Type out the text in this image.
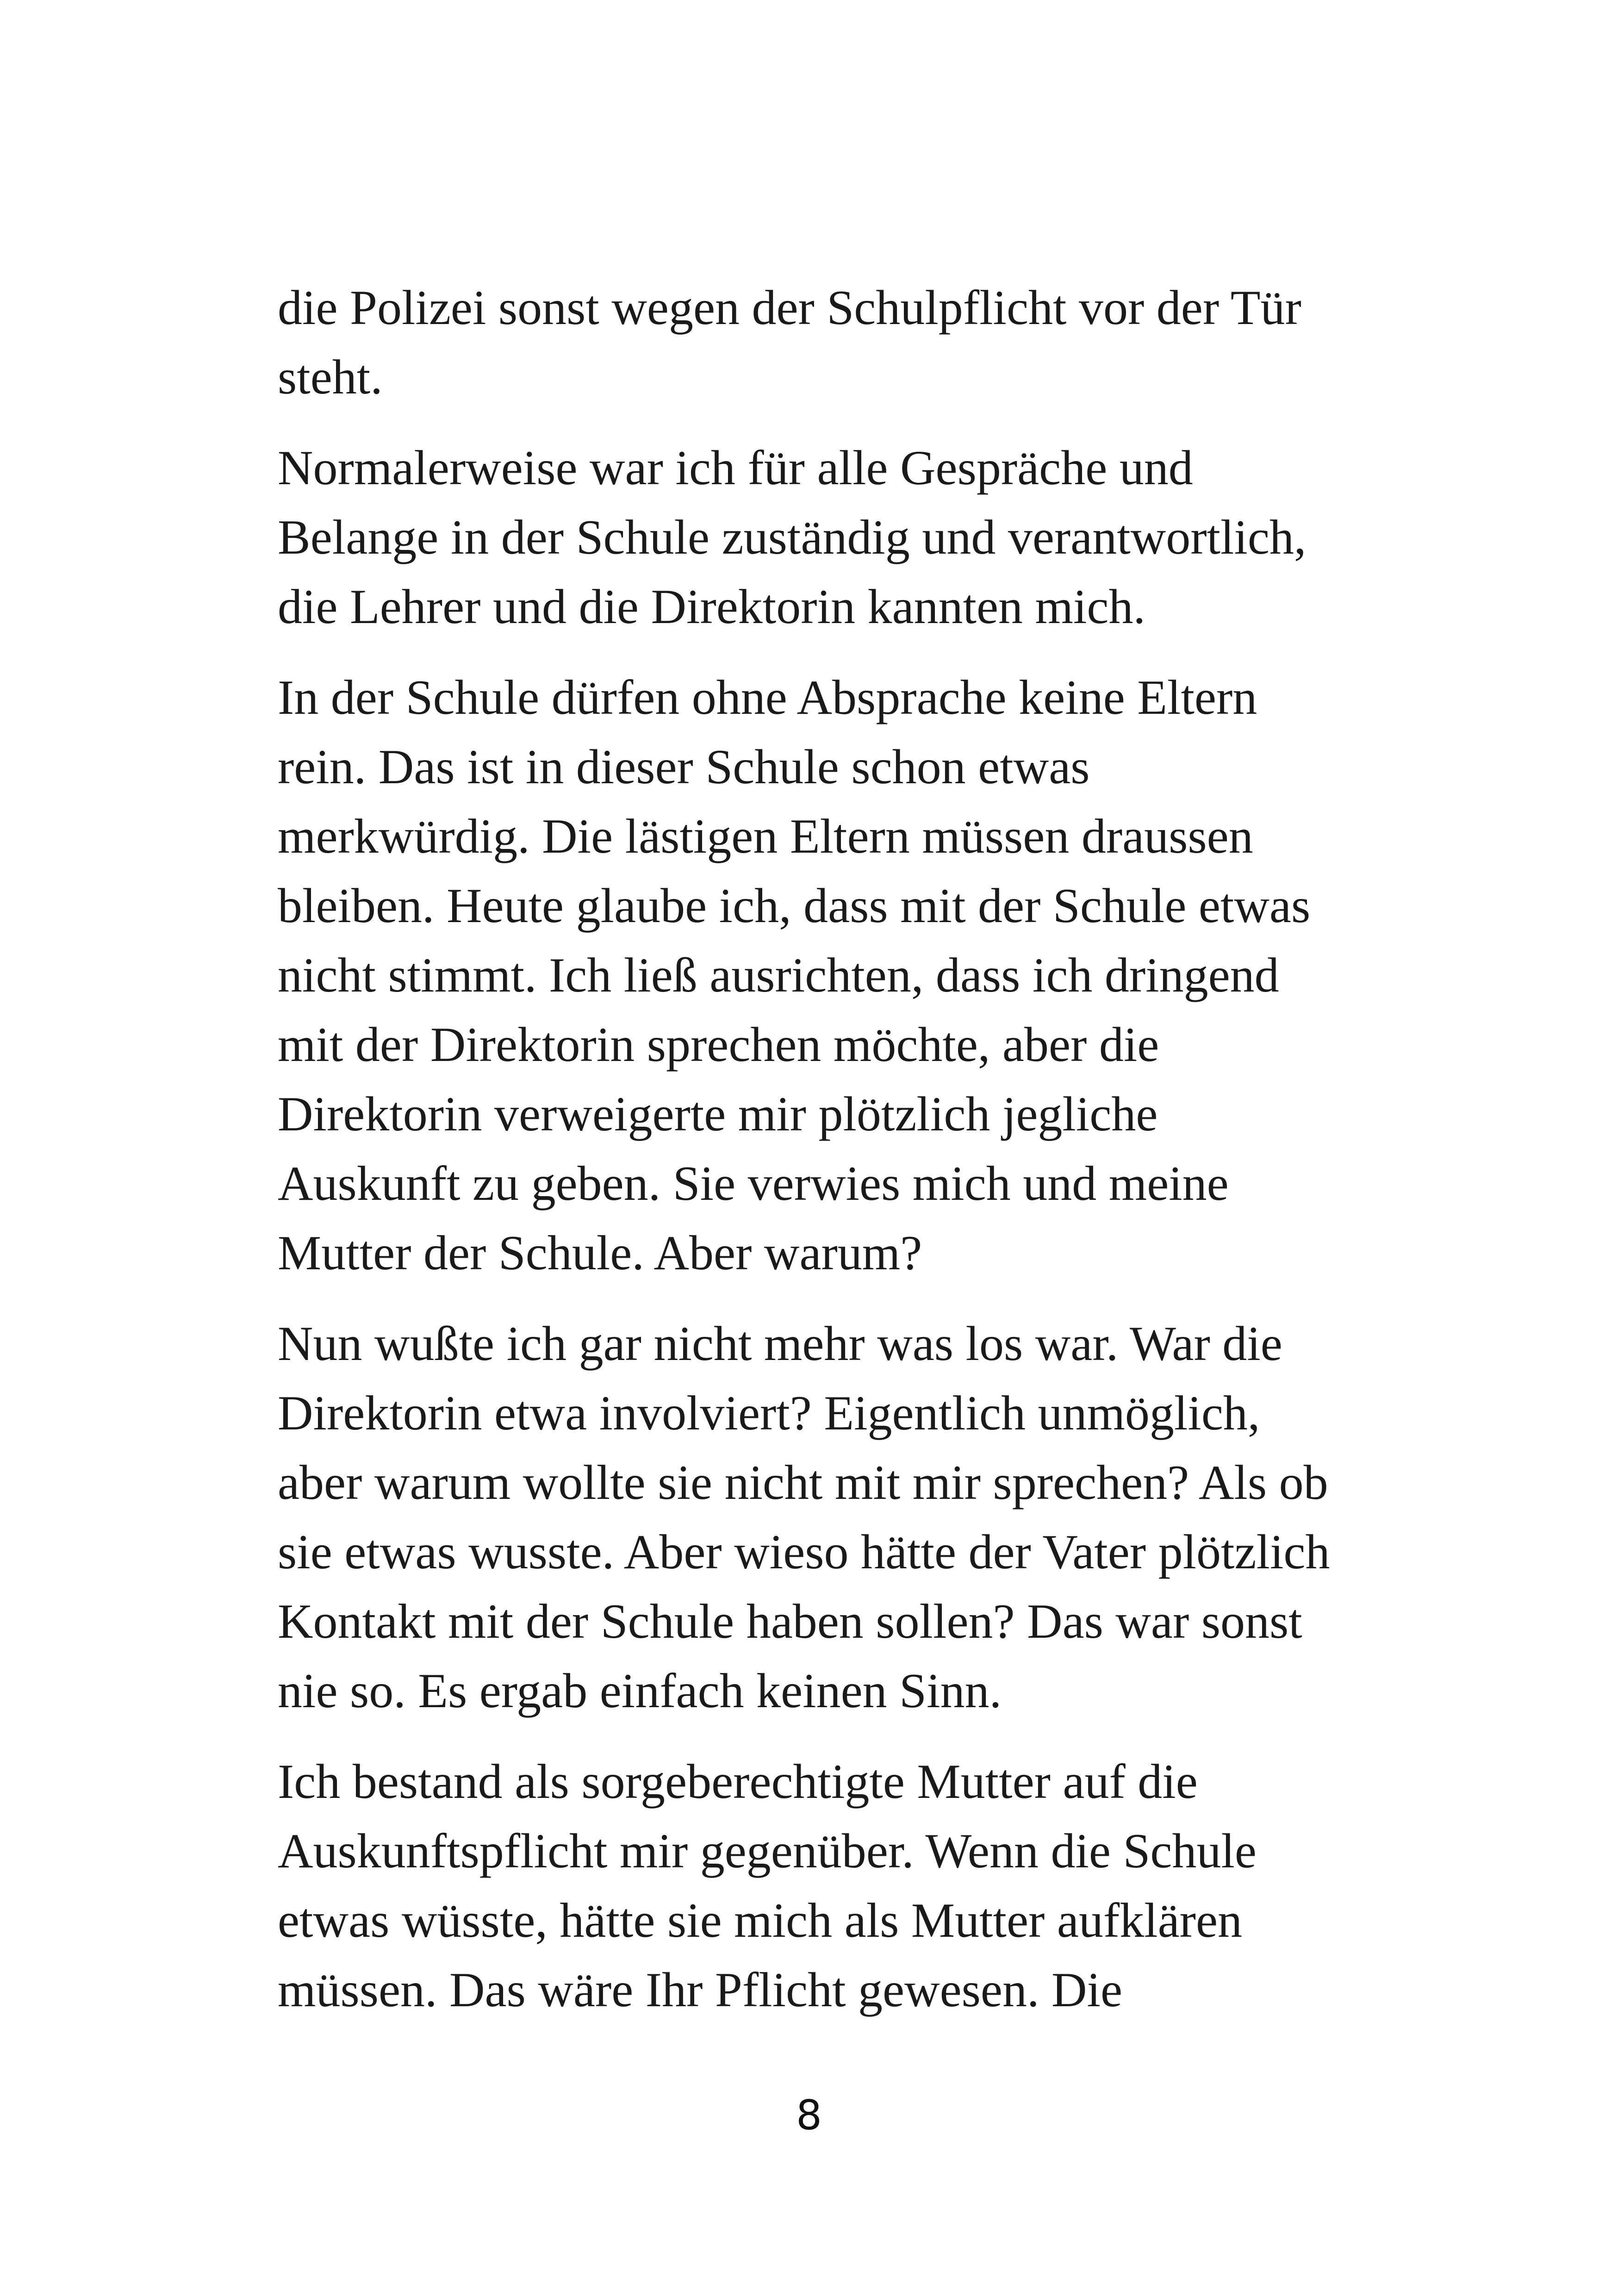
die Polizei sonst wegen der Schulpflicht vor der Tür steht.

Normalerweise war ich für alle Gespräche und Belange in der Schule zuständig und verantwortlich, die Lehrer und die Direktorin kannten mich.

In der Schule dürfen ohne Absprache keine Eltern rein. Das ist in dieser Schule schon etwas merkwürdig. Die lästigen Eltern müssen draussen bleiben. Heute glaube ich, dass mit der Schule etwas nicht stimmt. Ich ließ ausrichten, dass ich dringend mit der Direktorin sprechen möchte, aber die Direktorin verweigerte mir plötzlich jegliche Auskunft zu geben. Sie verwies mich und meine Mutter der Schule. Aber warum?

Nun wußte ich gar nicht mehr was los war. War die Direktorin etwa involviert? Eigentlich unmöglich, aber warum wollte sie nicht mit mir sprechen? Als ob sie etwas wusste. Aber wieso hätte der Vater plötzlich Kontakt mit der Schule haben sollen? Das war sonst nie so. Es ergab einfach keinen Sinn.

Ich bestand als sorgeberechtigte Mutter auf die Auskunftspflicht mir gegenüber. Wenn die Schule etwas wüsste, hätte sie mich als Mutter aufklären müssen. Das wäre Ihr Pflicht gewesen. Die

8
